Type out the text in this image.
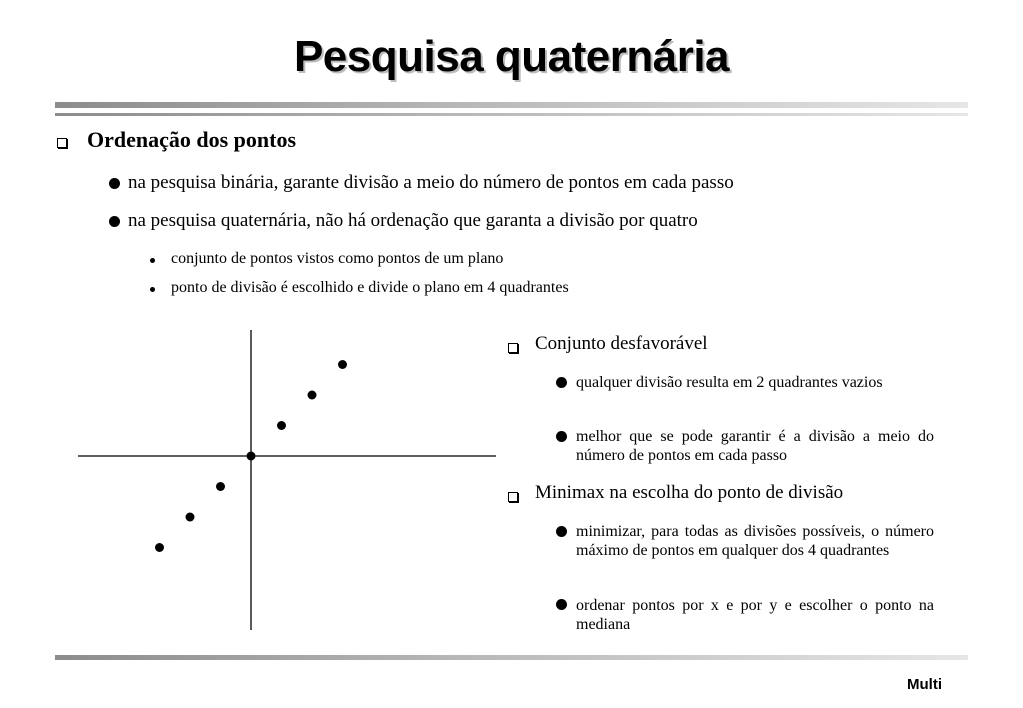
Pesquisa quaternária
Ordenação dos pontos
na pesquisa binária, garante divisão a meio do número de pontos em cada passo
na pesquisa quaternária, não há ordenação que garanta a divisão por quatro
conjunto de pontos vistos como pontos de um plano
ponto de divisão é escolhido e divide o plano em 4 quadrantes
Conjunto desfavorável
qualquer divisão resulta em 2 quadrantes vazios
melhor que se pode garantir é a divisão a meio do número de pontos em cada passo
Minimax na escolha do ponto de divisão
minimizar, para todas as divisões possíveis, o número máximo de pontos em qualquer dos 4 quadrantes
ordenar pontos por x e por y e escolher o ponto na mediana
Multi
